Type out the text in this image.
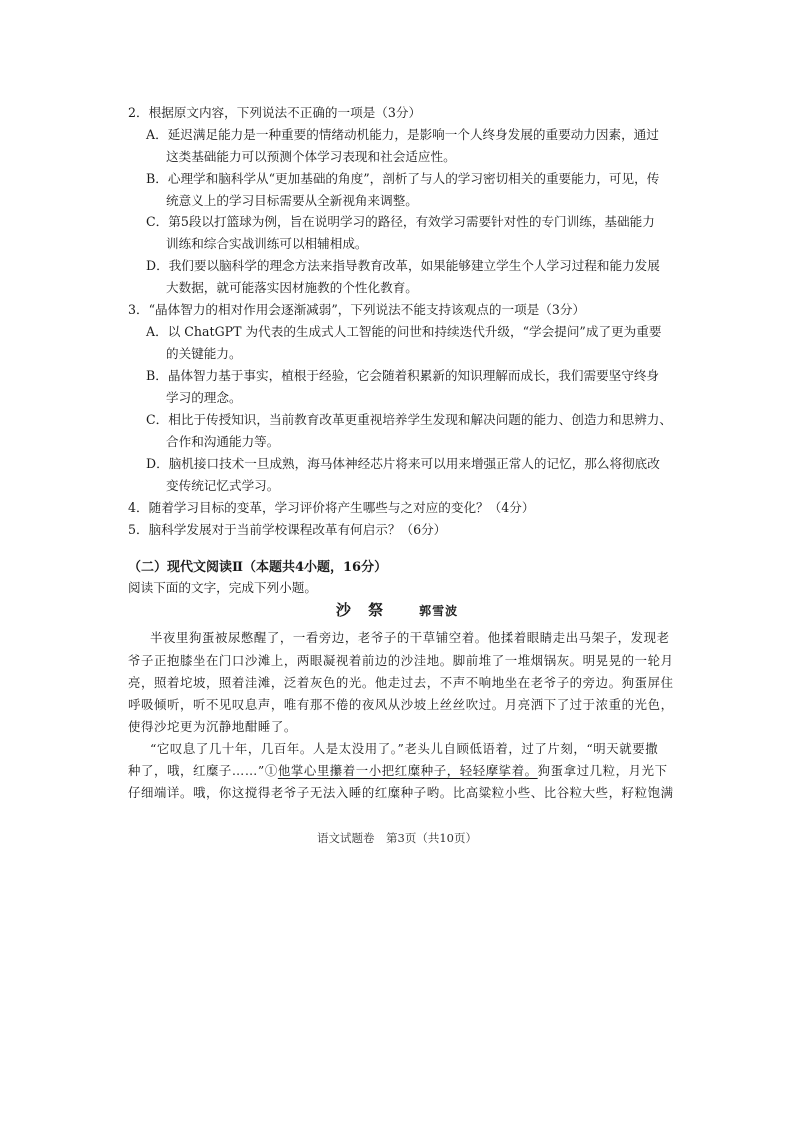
2．根据原文内容，下列说法不正确的一项是（3分）
A．延迟满足能力是一种重要的情绪动机能力，是影响一个人终身发展的重要动力因素，通过
这类基础能力可以预测个体学习表现和社会适应性。
B．心理学和脑科学从“更加基础的角度”，剖析了与人的学习密切相关的重要能力，可见，传
统意义上的学习目标需要从全新视角来调整。
C．第5段以打篮球为例，旨在说明学习的路径，有效学习需要针对性的专门训练，基础能力
训练和综合实战训练可以相辅相成。
D．我们要以脑科学的理念方法来指导教育改革，如果能够建立学生个人学习过程和能力发展
大数据，就可能落实因材施教的个性化教育。
3．“晶体智力的相对作用会逐渐减弱”，下列说法不能支持该观点的一项是（3分）
A．以 ChatGPT 为代表的生成式人工智能的问世和持续迭代升级，“学会提问”成了更为重要
的关键能力。
B．晶体智力基于事实，植根于经验，它会随着积累新的知识理解而成长，我们需要坚守终身
学习的理念。
C．相比于传授知识，当前教育改革更重视培养学生发现和解决问题的能力、创造力和思辨力、
合作和沟通能力等。
D．脑机接口技术一旦成熟，海马体神经芯片将来可以用来增强正常人的记忆，那么将彻底改
变传统记忆式学习。
4．随着学习目标的变革，学习评价将产生哪些与之对应的变化？（4分）
5．脑科学发展对于当前学校课程改革有何启示？（6分）
（二）现代文阅读Ⅱ（本题共4小题，16分）
阅读下面的文字，完成下列小题。
沙 祭	郭雪波
半夜里狗蛋被尿憋醒了，一看旁边，老爷子的干草铺空着。他揉着眼睛走出马架子，发现老
爷子正抱膝坐在门口沙滩上，两眼凝视着前边的沙洼地。脚前堆了一堆烟锅灰。明晃晃的一轮月
亮，照着坨坡，照着洼滩，泛着灰色的光。他走过去，不声不响地坐在老爷子的旁边。狗蛋屏住
呼吸倾听，听不见叹息声，唯有那不倦的夜风从沙坡上丝丝吹过。月亮洒下了过于浓重的光色，
使得沙坨更为沉静地酣睡了。
“它叹息了几十年，几百年。人是太没用了。”老头儿自顾低语着，过了片刻，“明天就要撒
种了，哦，红糜子……”①他掌心里攥着一小把红糜种子，轻轻摩挲着。狗蛋拿过几粒，月光下
仔细端详。哦，你这搅得老爷子无法入睡的红糜种子哟。比高粱粒小些、比谷粒大些，籽粒饱满
语文试题卷　第3页（共10页）
